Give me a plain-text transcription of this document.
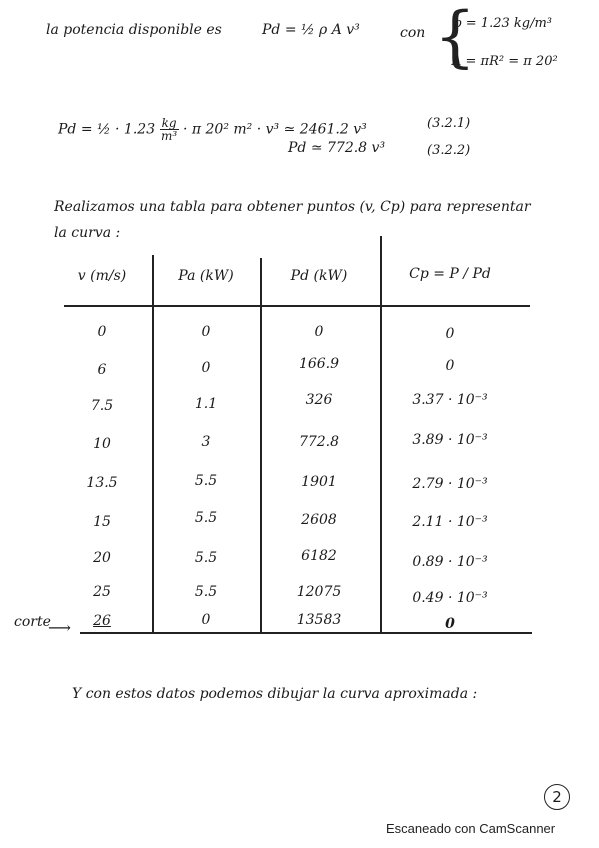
la potencia disponible es	Pd = ½ ρ A v³	con {
ρ = 1.23 kg/m³
A = πR² = π 20²
Pd = ½ · $1.23 \frac{kg}{\text{m³}} \cdot \pi$ 20² m² · v³ ≃ 2461.2 v³	(3.2.1)
Pd ≃ 772.8 v³	(3.2.2)
Realizamos una tabla para obtener puntos (v, Cp) para representar
la curva :
v (m/s)	Pa (kW)	Pd (kW)	Cp = P / Pd
0	0	0	0
6	0	166.9	0
7.5	1.1	326	3.37 · 10⁻³
10	3	772.8	3.89 · 10⁻³
13.5	5.5	1901	2.79 · 10⁻³
15	5.5	2608	2.11 · 10⁻³
20	5.5	6182	0.89 · 10⁻³
25	5.5	12075	0.49 · 10⁻³
26	0	13583	0
corte
⟶
Y con estos datos podemos dibujar la curva aproximada :
2
Escaneado con CamScanner
